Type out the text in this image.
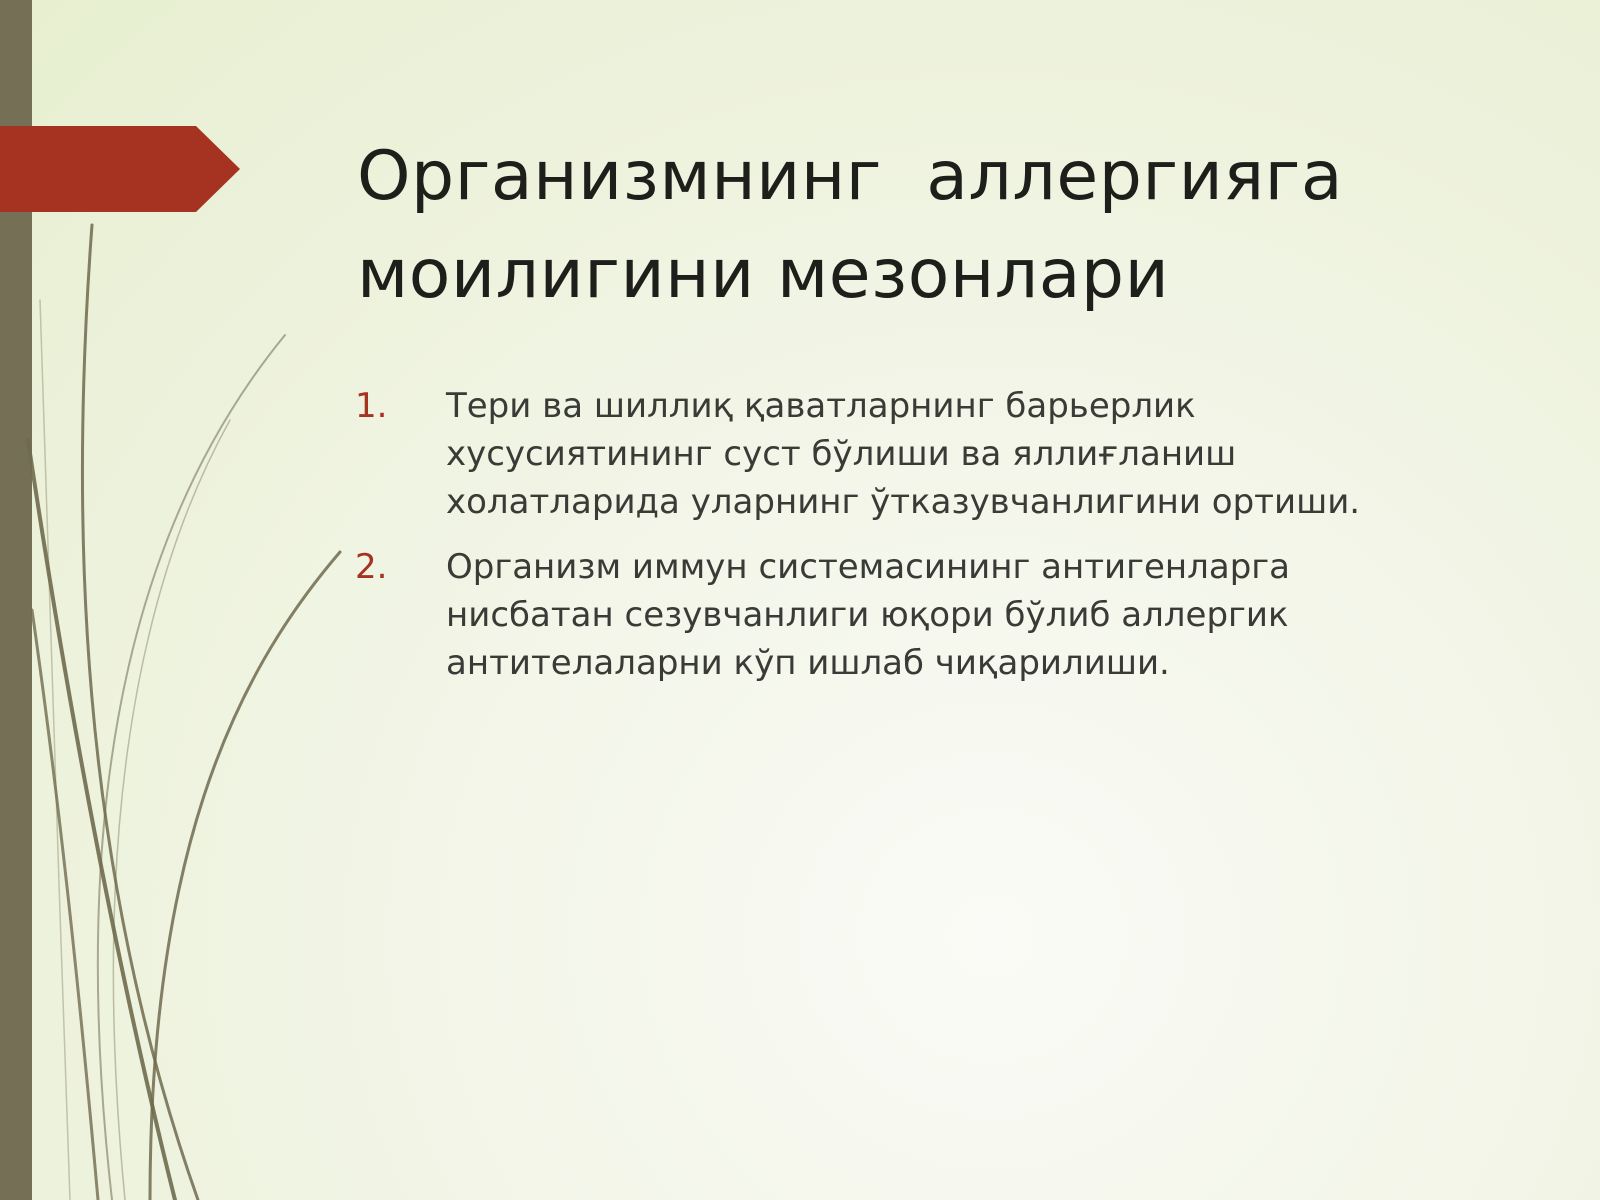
Организмнинг  аллергияга
моилигини мезонлари
1. Тери ва шиллиқ қаватларнинг барьерлик
хусусиятининг суст бўлиши ва яллиғланиш
холатларида уларнинг ўтказувчанлигини ортиши.
2. Организм иммун системасининг антигенларга
нисбатан сезувчанлиги юқори бўлиб аллергик
антителаларни кўп ишлаб чиқарилиши.
